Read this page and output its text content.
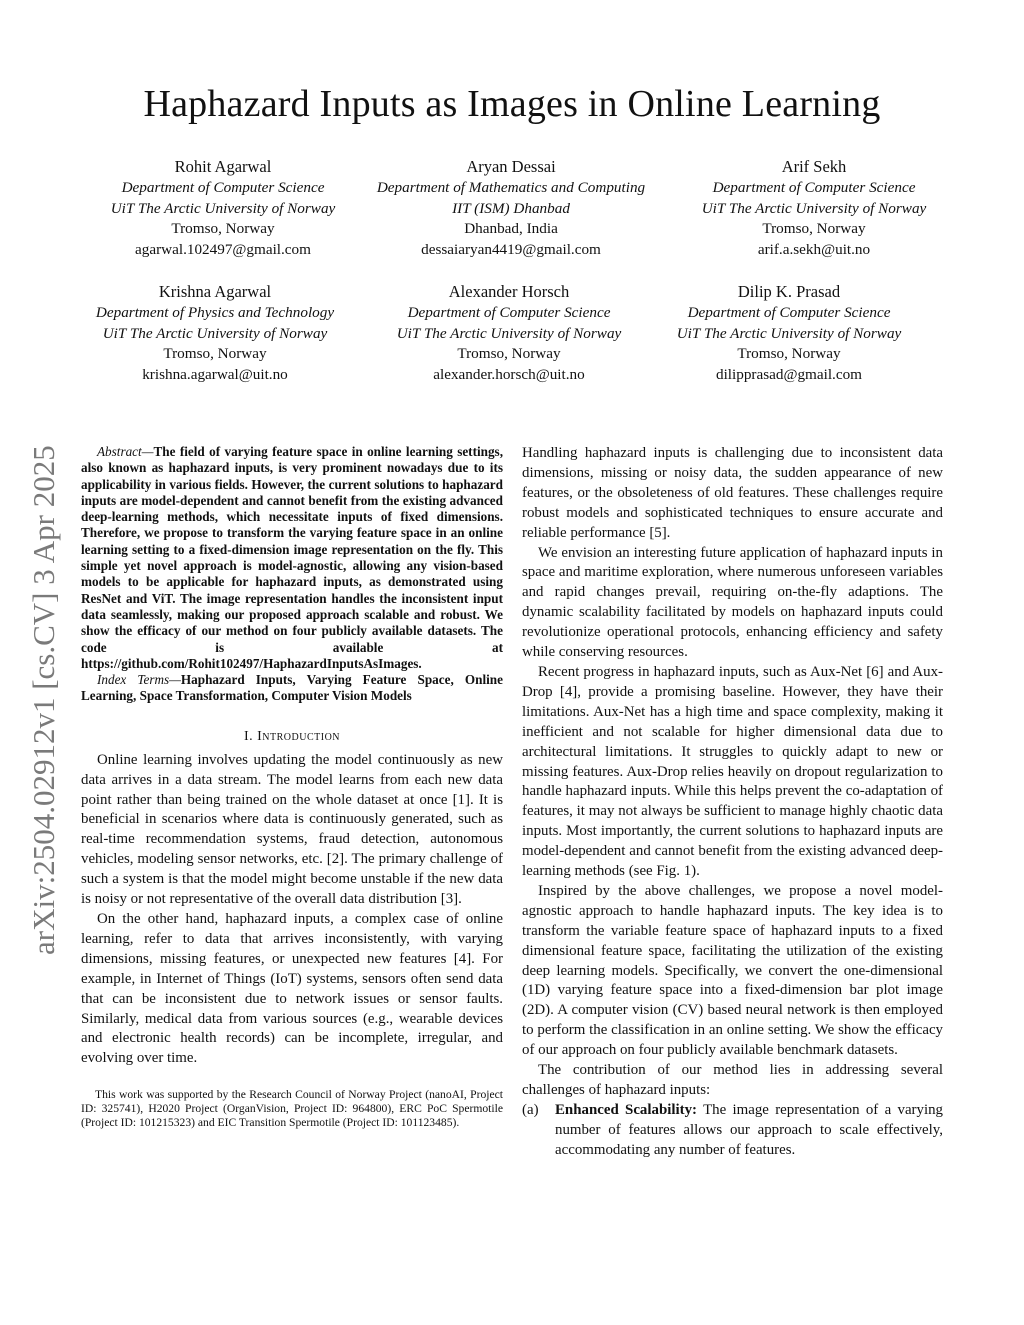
Haphazard Inputs as Images in Online Learning
Rohit Agarwal
Department of Computer Science
UiT The Arctic University of Norway
Tromso, Norway
agarwal.102497@gmail.com
Aryan Dessai
Department of Mathematics and Computing
IIT (ISM) Dhanbad
Dhanbad, India
dessaiaryan4419@gmail.com
Arif Sekh
Department of Computer Science
UiT The Arctic University of Norway
Tromso, Norway
arif.a.sekh@uit.no
Krishna Agarwal
Department of Physics and Technology
UiT The Arctic University of Norway
Tromso, Norway
krishna.agarwal@uit.no
Alexander Horsch
Department of Computer Science
UiT The Arctic University of Norway
Tromso, Norway
alexander.horsch@uit.no
Dilip K. Prasad
Department of Computer Science
UiT The Arctic University of Norway
Tromso, Norway
dilipprasad@gmail.com
arXiv:2504.02912v1 [cs.CV] 3 Apr 2025	Abstract—The field of varying feature space in online learning settings, also known as haphazard inputs, is very prominent nowadays due to its applicability in various fields. However, the current solutions to haphazard inputs are model-dependent and cannot benefit from the existing advanced deep-learning methods, which necessitate inputs of fixed dimensions. Therefore, we propose to transform the varying feature space in an online learning setting to a fixed-dimension image representation on the fly. This simple yet novel approach is model-agnostic, allowing any vision-based models to be applicable for haphazard inputs, as demonstrated using ResNet and ViT. The image representation handles the inconsistent input data seamlessly, making our proposed approach scalable and robust. We show the efficacy of our method on four publicly available datasets. The code is available at https://github.com/Rohit102497/HaphazardInputsAsImages.

Index Terms—Haphazard Inputs, Varying Feature Space, Online Learning, Space Transformation, Computer Vision Models

I. Introduction

Online learning involves updating the model continuously as new data arrives in a data stream. The model learns from each new data point rather than being trained on the whole dataset at once [1]. It is beneficial in scenarios where data is continuously generated, such as real-time recommendation systems, fraud detection, autonomous vehicles, modeling sensor networks, etc. [2]. The primary challenge of such a system is that the model might become unstable if the new data is noisy or not representative of the overall data distribution [3].

On the other hand, haphazard inputs, a complex case of online learning, refer to data that arrives inconsistently, with varying dimensions, missing features, or unexpected new features [4]. For example, in Internet of Things (IoT) systems, sensors often send data that can be inconsistent due to network issues or sensor faults. Similarly, medical data from various sources (e.g., wearable devices and electronic health records) can be incomplete, irregular, and evolving over time.

This work was supported by the Research Council of Norway Project (nanoAI, Project ID: 325741), H2020 Project (OrganVision, Project ID: 964800), ERC PoC Spermotile (Project ID: 101215323) and EIC Transition Spermotile (Project ID: 101123485).

Handling haphazard inputs is challenging due to inconsistent data dimensions, missing or noisy data, the sudden appearance of new features, or the obsoleteness of old features. These challenges require robust models and sophisticated techniques to ensure accurate and reliable performance [5].

We envision an interesting future application of haphazard inputs in space and maritime exploration, where numerous unforeseen variables and rapid changes prevail, requiring on-the-fly adaptions. The dynamic scalability facilitated by models on haphazard inputs could revolutionize operational protocols, enhancing efficiency and safety while conserving resources.

Recent progress in haphazard inputs, such as Aux-Net [6] and Aux-Drop [4], provide a promising baseline. However, they have their limitations. Aux-Net has a high time and space complexity, making it inefficient and not scalable for higher dimensional data due to architectural limitations. It struggles to quickly adapt to new or missing features. Aux-Drop relies heavily on dropout regularization to handle haphazard inputs. While this helps prevent the co-adaptation of features, it may not always be sufficient to manage highly chaotic data inputs. Most importantly, the current solutions to haphazard inputs are model-dependent and cannot benefit from the existing advanced deep-learning methods (see Fig. 1).

Inspired by the above challenges, we propose a novel model-agnostic approach to handle haphazard inputs. The key idea is to transform the variable feature space of haphazard inputs to a fixed dimensional feature space, facilitating the utilization of the existing deep learning models. Specifically, we convert the one-dimensional (1D) varying feature space into a fixed-dimension bar plot image (2D). A computer vision (CV) based neural network is then employed to perform the classification in an online setting. We show the efficacy of our approach on four publicly available benchmark datasets.

The contribution of our method lies in addressing several challenges of haphazard inputs:

(a) Enhanced Scalability: The image representation of a varying number of features allows our approach to scale effectively, accommodating any number of features.
